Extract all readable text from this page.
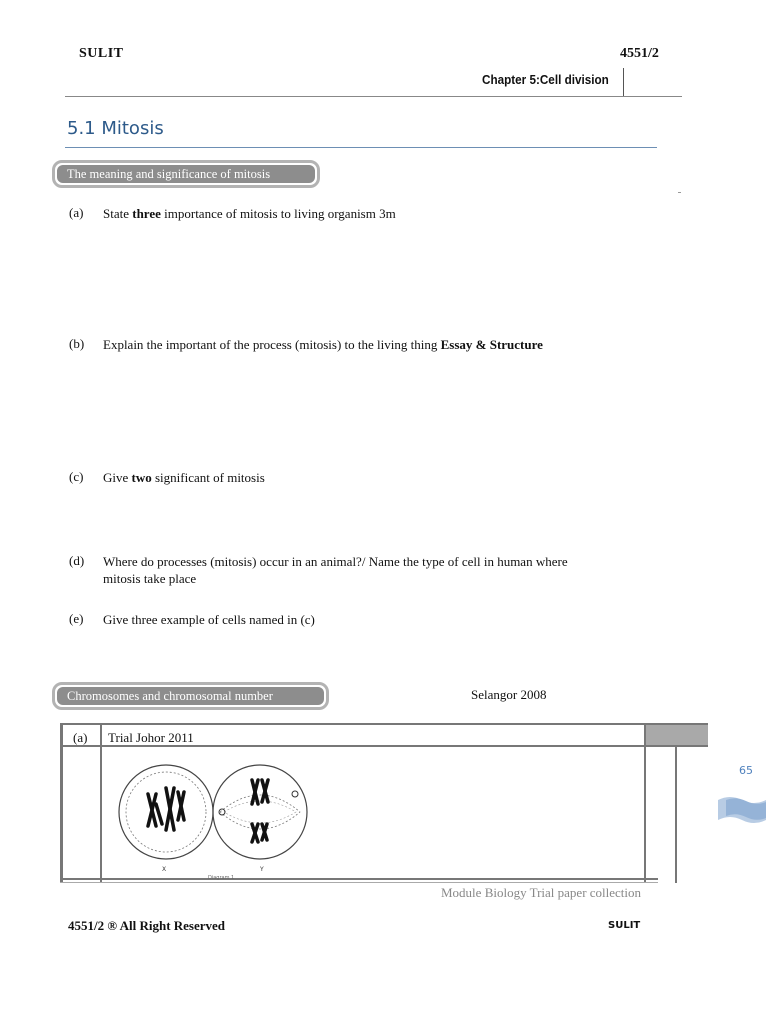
SULIT	4551/2
Chapter 5:Cell division
5.1 Mitosis
The meaning and significance of mitosis
(a) State three importance of mitosis to living organism 3m
(b) Explain the important of the process (mitosis) to the living thing Essay & Structure
(c) Give two significant of mitosis
(d) Where do processes (mitosis) occur in an animal?/ Name the type of cell in human where
mitosis take place
(e) Give three example of cells named in (c)
Chromosomes and chromosomal number	Selangor 2008
(a) Trial Johor 2011
X	Y
Diagram 1
Module Biology Trial paper collection
4551/2 ® All Right Reserved	SULIT
65
